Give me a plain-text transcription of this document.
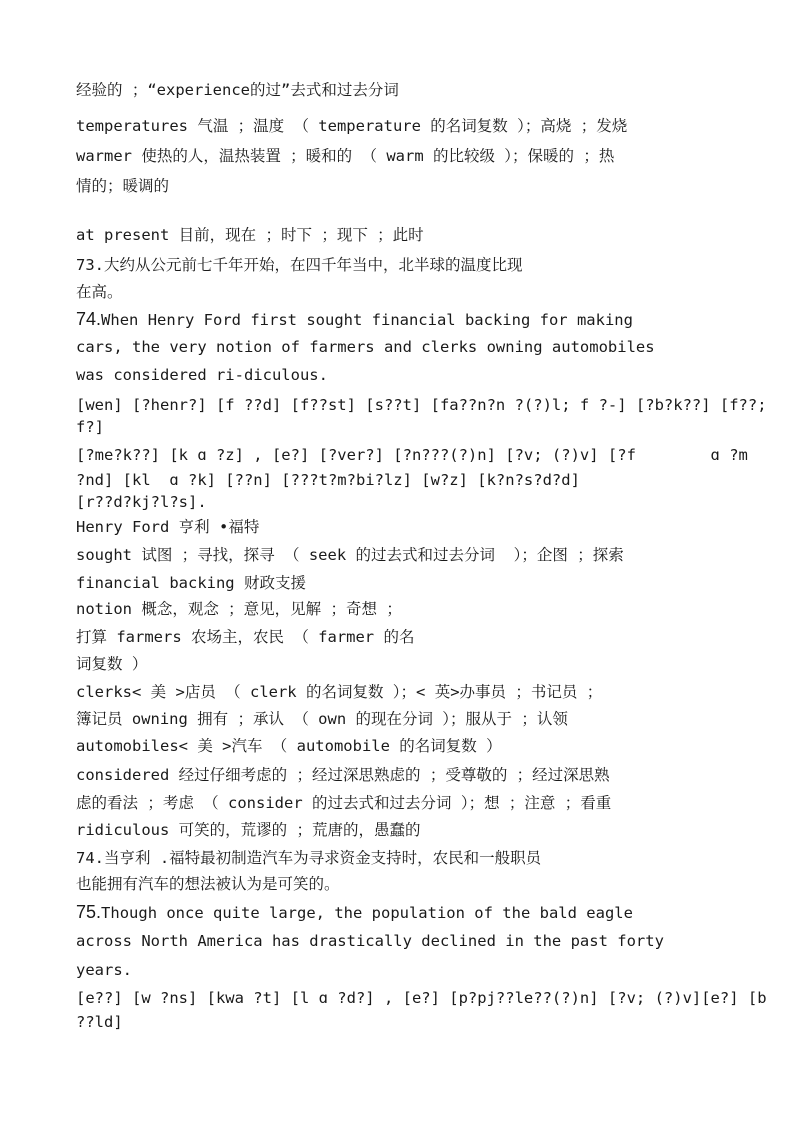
经验的 ；“experience的过”去式和过去分词
temperatures 气温 ；温度 （ temperature 的名词复数 ）；高烧 ；发烧
warmer 使热的人，温热装置 ；暖和的 （ warm 的比较级 ）；保暖的 ；热
情的；暖调的
at present 目前，现在 ；时下 ；现下 ；此时
73.大约从公元前七千年开始，在四千年当中，北半球的温度比现
在高。
74.When Henry Ford first sought financial backing for making
cars, the very notion of farmers and clerks owning automobiles
was considered ri-diculous.
[wen] [?henr?] [f ??d] [f??st] [s??t] [fa??n?n ?(?)l; f ?-] [?b?k??] [f??;
f?]
[?me?k??] [k ɑ ?z] , [e?] [?ver?] [?n???(?)n] [?v; (?)v] [?f        ɑ ?m
?nd] [kl  ɑ ?k] [??n] [???t?m?bi?lz] [w?z] [k?n?s?d?d]
[r??d?kj?l?s].
Henry Ford 亨利 •福特
sought 试图 ；寻找，探寻 （ seek 的过去式和过去分词  ）；企图 ；探索
financial backing 财政支援
notion 概念，观念 ；意见，见解 ；奇想 ；
打算 farmers 农场主，农民 （ farmer 的名
词复数 ）
clerks< 美 >店员 （ clerk 的名词复数 ）；< 英>办事员 ；书记员 ；
簿记员 owning 拥有 ；承认 （ own 的现在分词 ）；服从于 ；认领
automobiles< 美 >汽车 （ automobile 的名词复数 ）
considered 经过仔细考虑的 ；经过深思熟虑的 ；受尊敬的 ；经过深思熟
虑的看法 ；考虑 （ consider 的过去式和过去分词 ）；想 ；注意 ；看重
ridiculous 可笑的，荒谬的 ；荒唐的，愚蠢的
74.当亨利 .福特最初制造汽车为寻求资金支持时，农民和一般职员
也能拥有汽车的想法被认为是可笑的。
75.Though once quite large, the population of the bald eagle
across North America has drastically declined in the past forty
years.
[e??] [w ?ns] [kwa ?t] [l ɑ ?d?] , [e?] [p?pj??le??(?)n] [?v; (?)v][e?] [b
??ld]
